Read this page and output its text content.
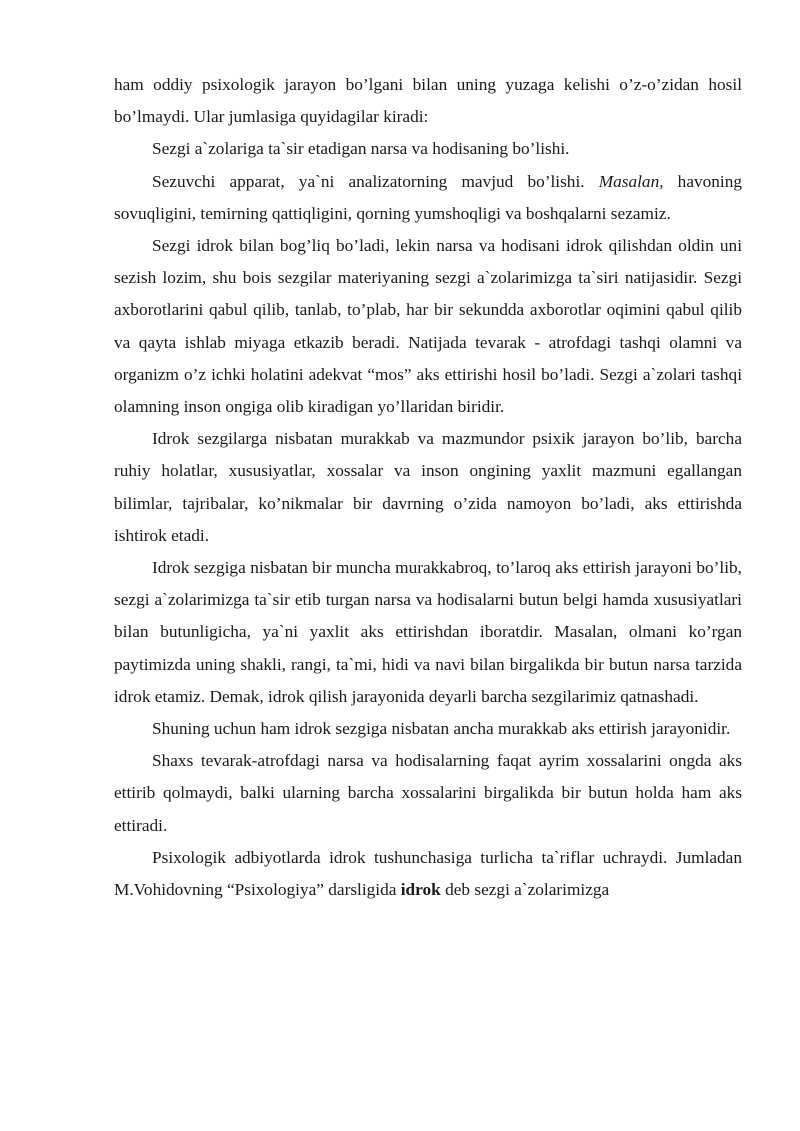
ham oddiy psixologik jarayon bo’lgani bilan uning yuzaga kelishi o’z-o’zidan hosil bo’lmaydi. Ular jumlasiga quyidagilar kiradi:

Sezgi a`zolariga ta`sir etadigan narsa va hodisaning bo’lishi.

Sezuvchi apparat, ya`ni analizatorning mavjud bo’lishi. Masalan, havoning sovuqligini, temirning qattiqligini, qorning yumshoqligi va boshqalarni sezamiz.

Sezgi idrok bilan bog’liq bo’ladi, lekin narsa va hodisani idrok qilishdan oldin uni sezish lozim, shu bois sezgilar materiyaning sezgi a`zolarimizga ta`siri natijasidir. Sezgi axborotlarini qabul qilib, tanlab, to’plab, har bir sekundda axborotlar oqimini qabul qilib va qayta ishlab miyaga etkazib beradi. Natijada tevarak - atrofdagi tashqi olamni va organizm o’z ichki holatini adekvat “mos” aks ettirishi hosil bo’ladi. Sezgi a`zolari tashqi olamning inson ongiga olib kiradigan yo’llaridan biridir.

Idrok sezgilarga nisbatan murakkab va mazmundor psixik jarayon bo’lib, barcha ruhiy holatlar, xususiyatlar, xossalar va inson ongining yaxlit mazmuni egallangan bilimlar, tajribalar, ko’nikmalar bir davrning o’zida namoyon bo’ladi, aks ettirishda ishtirok etadi.

Idrok sezgiga nisbatan bir muncha murakkabroq, to’laroq aks ettirish jarayoni bo’lib, sezgi a`zolarimizga ta`sir etib turgan narsa va hodisalarni butun belgi hamda xususiyatlari bilan butunligicha, ya`ni yaxlit aks ettirishdan iboratdir. Masalan, olmani ko’rgan paytimizda uning shakli, rangi, ta`mi, hidi va navi bilan birgalikda bir butun narsa tarzida idrok etamiz. Demak, idrok qilish jarayonida deyarli barcha sezgilarimiz qatnashadi.

Shuning uchun ham idrok sezgiga nisbatan ancha murakkab aks ettirish jarayonidir.

Shaxs tevarak-atrofdagi narsa va hodisalarning faqat ayrim xossalarini ongda aks ettirib qolmaydi, balki ularning barcha xossalarini birgalikda bir butun holda ham aks ettiradi.

Psixologik adbiyotlarda idrok tushunchasiga turlicha ta`riflar uchraydi. Jumladan M.Vohidovning “Psixologiya” darsligida idrok deb sezgi a`zolarimizga
